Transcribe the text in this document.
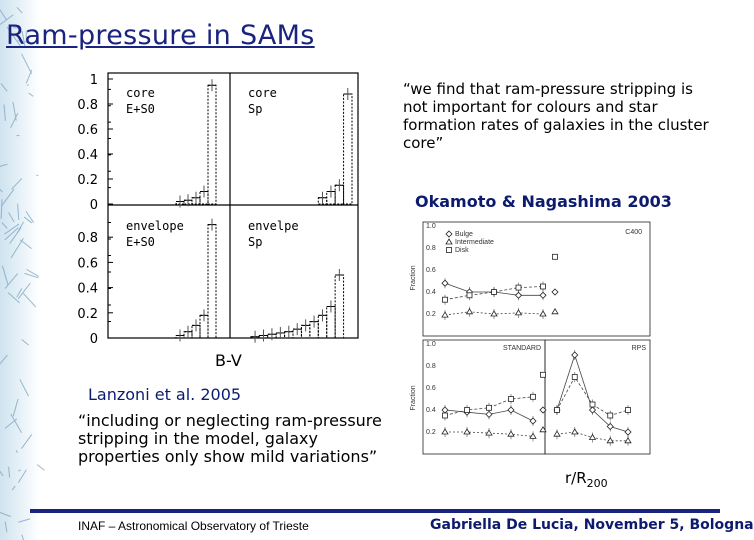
Ram-pressure in SAMs
“we find that ram-pressure stripping is not important for colours and star formation rates of galaxies in the cluster core”
Okamoto & Nagashima 2003
1
0.8
0.6
0.4
0.2
0
0.8
0.6
0.4
0.2
0
core
E+S0
core
Sp
envelope
E+S0
envelpe
Sp
B-V
Lanzoni et al. 2005
“including or neglecting ram-pressure stripping in the model, galaxy properties only show mild variations”
1.0
1.0
0.8
0.8
0.6
0.6
0.4
0.4
0.2
0.2
Fraction
Fraction
C400
STANDARD	RPS
Bulge
Intermediate
Disk
$r/R_{200}$
INAF – Astronomical Observatory of Trieste	Gabriella De Lucia, November 5, Bologna
